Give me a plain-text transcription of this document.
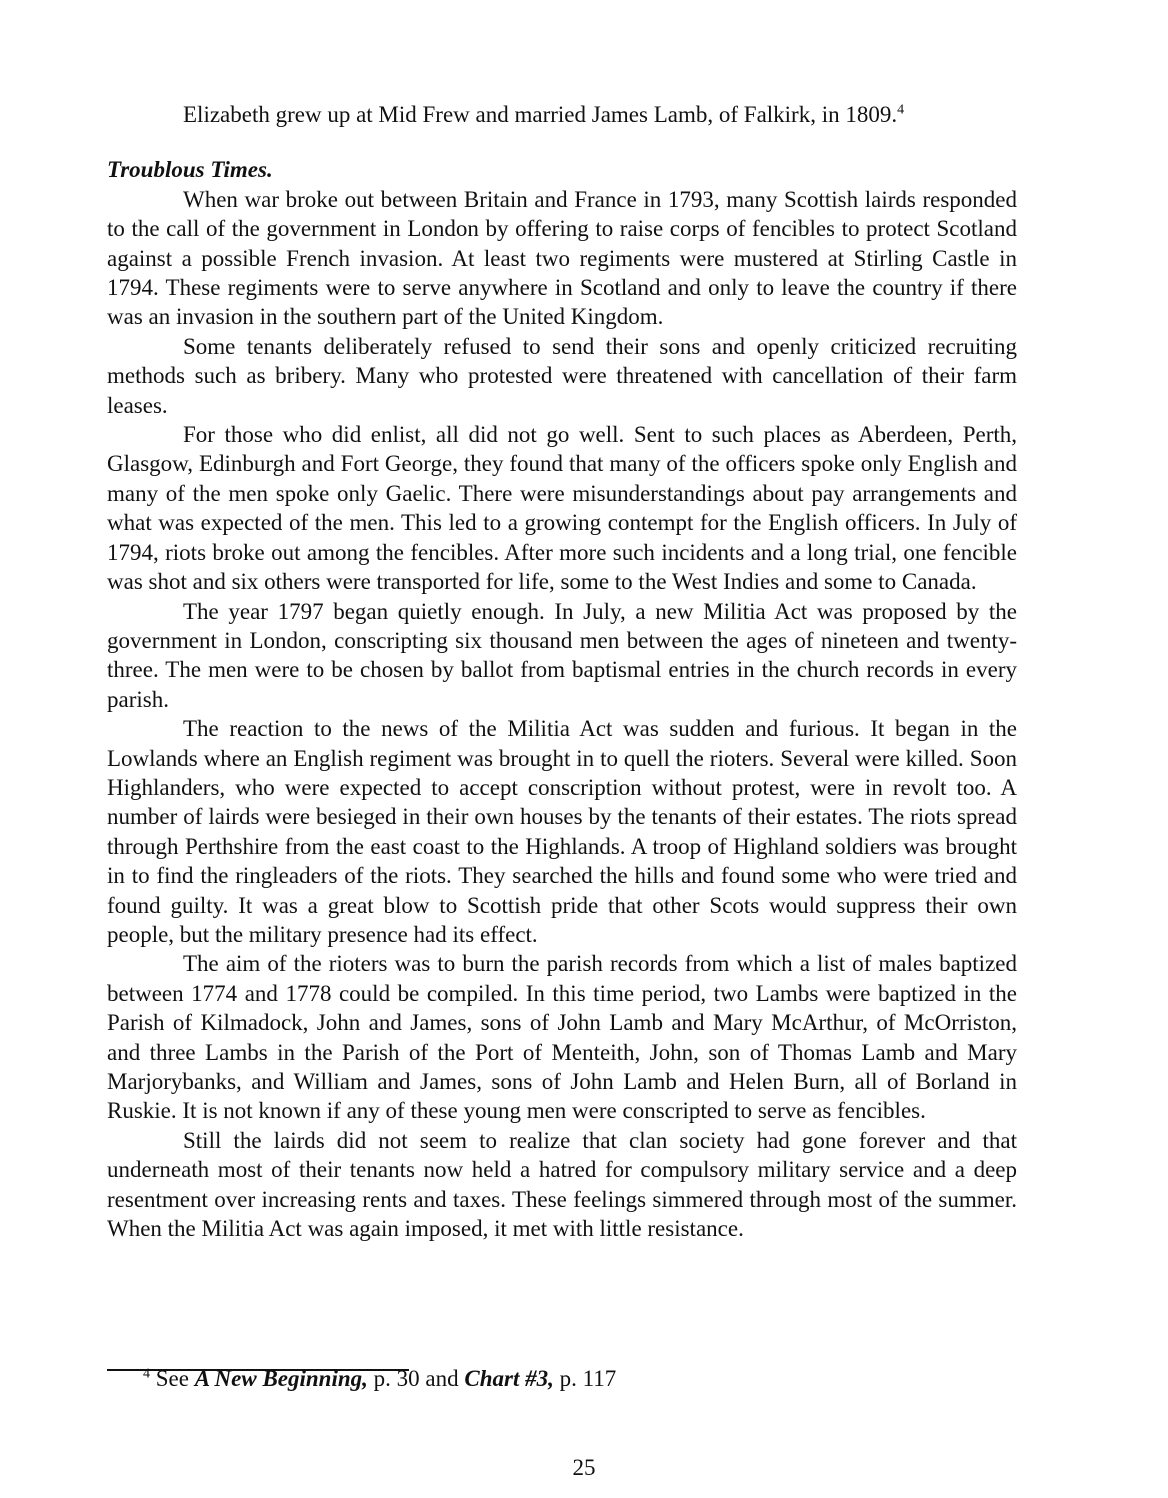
Elizabeth grew up at Mid Frew and married James Lamb, of Falkirk, in 1809.$^4$

Troublous Times.

When war broke out between Britain and France in 1793, many Scottish lairds responded to the call of the government in London by offering to raise corps of fencibles to protect Scotland against a possible French invasion. At least two regiments were mustered at Stirling Castle in 1794. These regiments were to serve anywhere in Scotland and only to leave the country if there was an invasion in the southern part of the United Kingdom.

Some tenants deliberately refused to send their sons and openly criticized recruiting methods such as bribery. Many who protested were threatened with cancellation of their farm leases.

For those who did enlist, all did not go well. Sent to such places as Aberdeen, Perth, Glasgow, Edinburgh and Fort George, they found that many of the officers spoke only English and many of the men spoke only Gaelic. There were misunderstandings about pay arrangements and what was expected of the men. This led to a growing contempt for the English officers. In July of 1794, riots broke out among the fencibles. After more such incidents and a long trial, one fencible was shot and six others were transported for life, some to the West Indies and some to Canada.

The year 1797 began quietly enough. In July, a new Militia Act was proposed by the government in London, conscripting six thousand men between the ages of nineteen and twenty-three. The men were to be chosen by ballot from baptismal entries in the church records in every parish.

The reaction to the news of the Militia Act was sudden and furious. It began in the Lowlands where an English regiment was brought in to quell the rioters. Several were killed. Soon Highlanders, who were expected to accept conscription without protest, were in revolt too. A number of lairds were besieged in their own houses by the tenants of their estates. The riots spread through Perthshire from the east coast to the Highlands. A troop of Highland soldiers was brought in to find the ringleaders of the riots. They searched the hills and found some who were tried and found guilty. It was a great blow to Scottish pride that other Scots would suppress their own people, but the military presence had its effect.

The aim of the rioters was to burn the parish records from which a list of males baptized between 1774 and 1778 could be compiled. In this time period, two Lambs were baptized in the Parish of Kilmadock, John and James, sons of John Lamb and Mary McArthur, of McOrriston, and three Lambs in the Parish of the Port of Menteith, John, son of Thomas Lamb and Mary Marjorybanks, and William and James, sons of John Lamb and Helen Burn, all of Borland in Ruskie. It is not known if any of these young men were conscripted to serve as fencibles.

Still the lairds did not seem to realize that clan society had gone forever and that underneath most of their tenants now held a hatred for compulsory military service and a deep resentment over increasing rents and taxes. These feelings simmered through most of the summer. When the Militia Act was again imposed, it met with little resistance.

$^4$ See A New Beginning, p. 30 and Chart #3, p. 117
25
